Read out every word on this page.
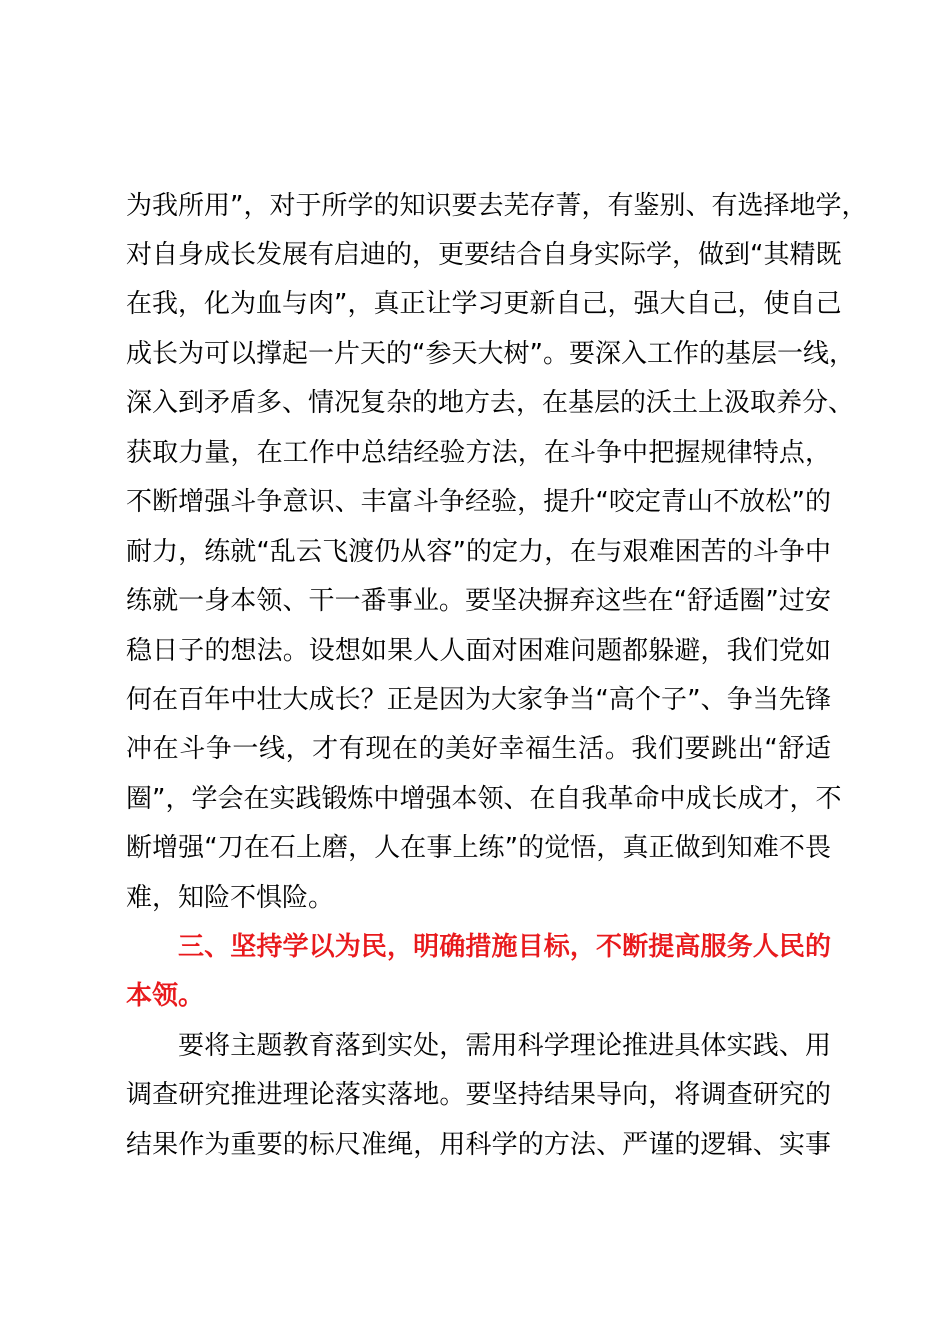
为我所用”，对于所学的知识要去芜存菁，有鉴别、有选择地学，
对自身成长发展有启迪的，更要结合自身实际学，做到“其精既
在我，化为血与肉”，真正让学习更新自己，强大自己，使自己
成长为可以撑起一片天的“参天大树”。要深入工作的基层一线，
深入到矛盾多、情况复杂的地方去，在基层的沃土上汲取养分、
获取力量，在工作中总结经验方法，在斗争中把握规律特点，
不断增强斗争意识、丰富斗争经验，提升“咬定青山不放松”的
耐力，练就“乱云飞渡仍从容”的定力，在与艰难困苦的斗争中
练就一身本领、干一番事业。要坚决摒弃这些在“舒适圈”过安
稳日子的想法。设想如果人人面对困难问题都躲避，我们党如
何在百年中壮大成长？正是因为大家争当“高个子”、争当先锋
冲在斗争一线，才有现在的美好幸福生活。我们要跳出“舒适
圈”，学会在实践锻炼中增强本领、在自我革命中成长成才，不
断增强“刀在石上磨，人在事上练”的觉悟，真正做到知难不畏
难，知险不惧险。
三、坚持学以为民，明确措施目标，不断提高服务人民的
本领。
要将主题教育落到实处，需用科学理论推进具体实践、用
调查研究推进理论落实落地。要坚持结果导向，将调查研究的
结果作为重要的标尺准绳，用科学的方法、严谨的逻辑、实事
